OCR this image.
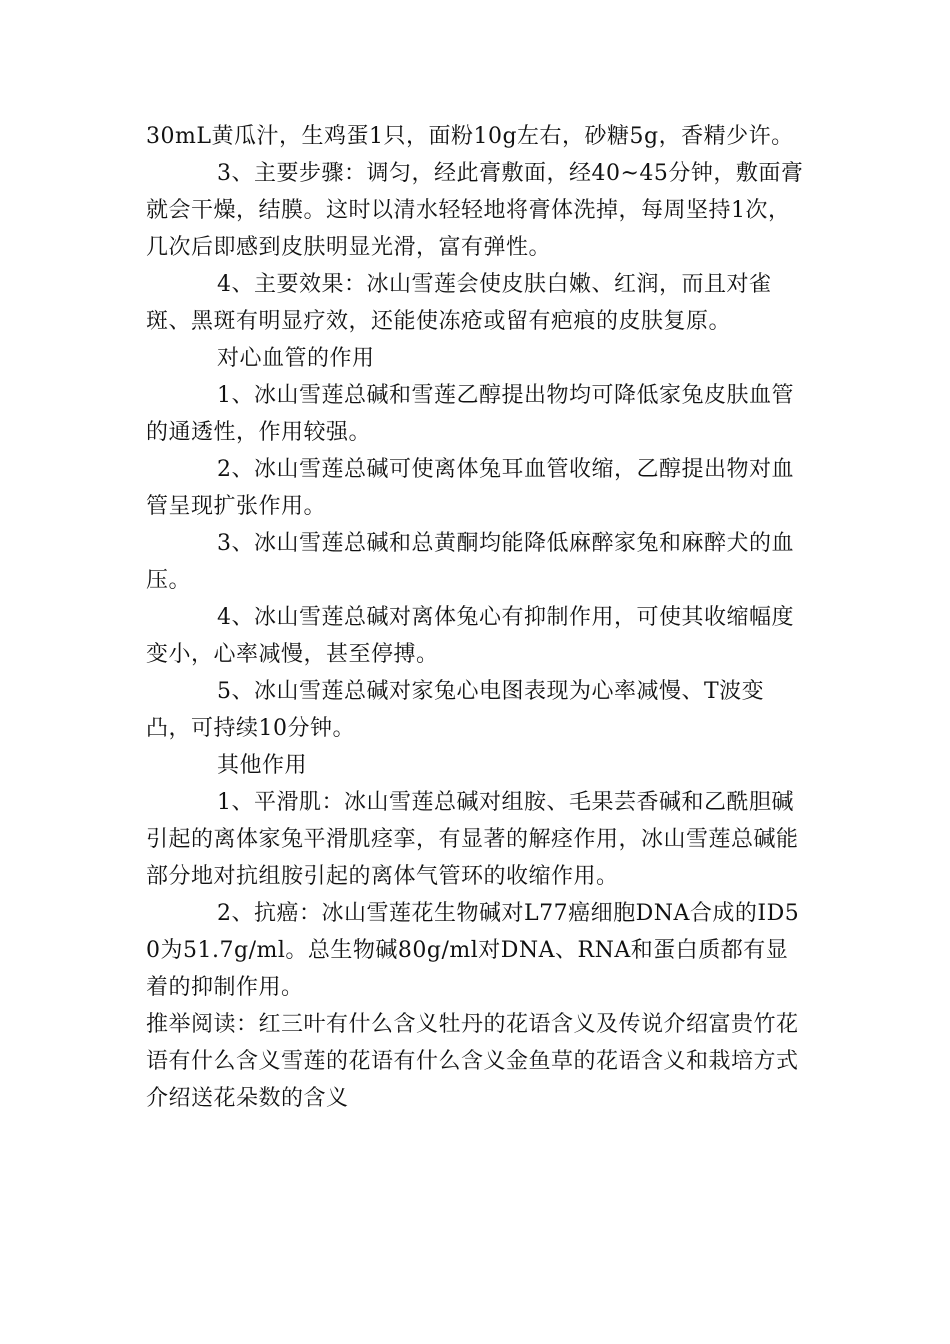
30mL黄瓜汁，生鸡蛋1只，面粉10g左右，砂糖5g，香精少许。

3、主要步骤：调匀，经此膏敷面，经40~45分钟，敷面膏就会干燥，结膜。这时以清水轻轻地将膏体洗掉，每周坚持1次，几次后即感到皮肤明显光滑，富有弹性。

4、主要效果：冰山雪莲会使皮肤白嫩、红润，而且对雀斑、黑斑有明显疗效，还能使冻疮或留有疤痕的皮肤复原。

对心血管的作用

1、冰山雪莲总碱和雪莲乙醇提出物均可降低家兔皮肤血管的通透性，作用较强。

2、冰山雪莲总碱可使离体兔耳血管收缩，乙醇提出物对血管呈现扩张作用。

3、冰山雪莲总碱和总黄酮均能降低麻醉家兔和麻醉犬的血压。

4、冰山雪莲总碱对离体兔心有抑制作用，可使其收缩幅度变小，心率减慢，甚至停搏。

5、冰山雪莲总碱对家兔心电图表现为心率减慢、T波变凸，可持续10分钟。

其他作用

1、平滑肌：冰山雪莲总碱对组胺、毛果芸香碱和乙酰胆碱引起的离体家兔平滑肌痉挛，有显著的解痉作用，冰山雪莲总碱能部分地对抗组胺引起的离体气管环的收缩作用。

2、抗癌：冰山雪莲花生物碱对L77癌细胞DNA合成的ID50为51.7g/ml。总生物碱80g/ml对DNA、RNA和蛋白质都有显着的抑制作用。

推举阅读：红三叶有什么含义牡丹的花语含义及传说介绍富贵竹花语有什么含义雪莲的花语有什么含义金鱼草的花语含义和栽培方式介绍送花朵数的含义
